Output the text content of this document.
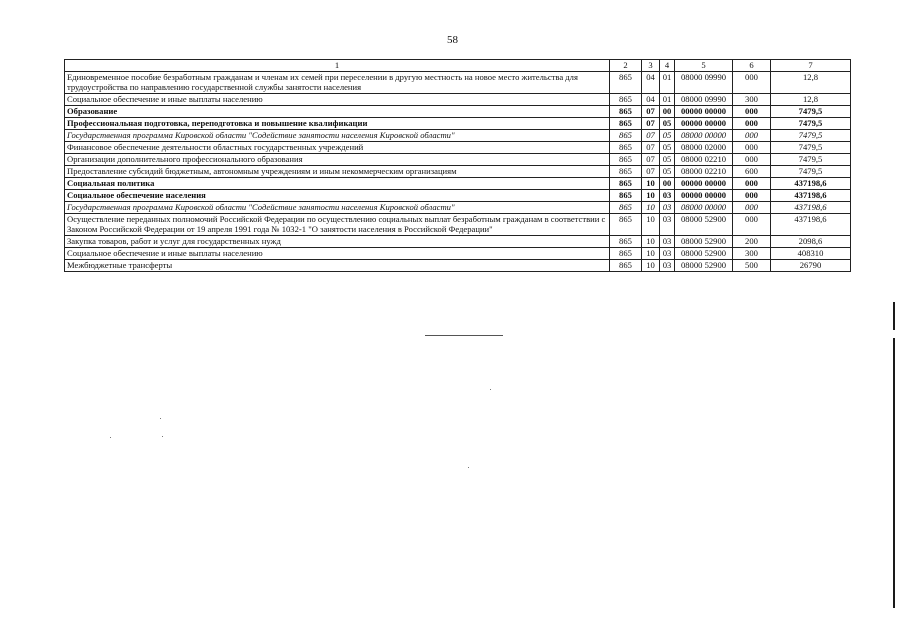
58
1	2	3	4	5	6	7
Единовременное пособие безработным гражданам и членам их семей при переселении в другую местность на новое место жительства для трудоустройства по направлению государственной службы занятости населения	865	04	01	08000 09990	000	12,8
Социальное обеспечение и иные выплаты населению	865	04	01	08000 09990	300	12,8
Образование	865	07	00	00000 00000	000	7479,5
Профессиональная подготовка, переподготовка и повышение квалификации	865	07	05	00000 00000	000	7479,5
Государственная программа Кировской области "Содействие занятости населения Кировской области"	865	07	05	08000 00000	000	7479,5
Финансовое обеспечение деятельности областных государственных учреждений	865	07	05	08000 02000	000	7479,5
Организации дополнительного профессионального образования	865	07	05	08000 02210	000	7479,5
Предоставление субсидий бюджетным, автономным учреждениям и иным некоммерческим организациям	865	07	05	08000 02210	600	7479,5
Социальная политика	865	10	00	00000 00000	000	437198,6
Социальное обеспечение населения	865	10	03	00000 00000	000	437198,6
Государственная программа Кировской области "Содействие занятости населения Кировской области"	865	10	03	08000 00000	000	437198,6
Осуществление переданных полномочий Российской Федерации по осуществлению социальных выплат безработным гражданам в соответствии с Законом Российской Федерации от 19 апреля 1991 года № 1032-1 "О занятости населения в Российской Федерации"	865	10	03	08000 52900	000	437198,6
Закупка товаров, работ и услуг для государственных нужд	865	10	03	08000 52900	200	2098,6
Социальное обеспечение и иные выплаты населению	865	10	03	08000 52900	300	408310
Межбюджетные трансферты	865	10	03	08000 52900	500	26790
